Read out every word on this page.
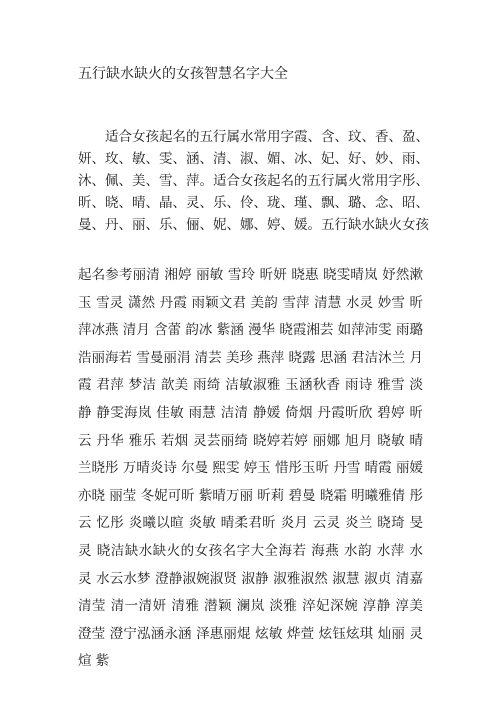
五行缺水缺火的女孩智慧名字大全
适合女孩起名的五行属水常用字霞、含、玟、香、盈、妍、玫、敏、雯、涵、清、淑、媚、冰、妃、好、妙、雨、沐、佩、美、雪、萍。适合女孩起名的五行属火常用字彤、昕、晓、晴、晶、灵、乐、伶、珑、瑾、飘、璐、念、昭、曼、丹、丽、乐、俪、妮、娜、婷、媛。五行缺水缺火女孩
起名参考丽清 湘婷 丽敏 雪玲 昕妍 晓惠 晓雯晴岚 妤然漱玉 雪灵 潇然 丹霞 雨颖文君 美韵 雪萍 清慧 水灵 妙雪 昕萍冰燕 清月 含蕾 韵冰 紫涵 漫华 晓霞湘芸 如萍沛雯 雨璐 浩丽海若 雪曼丽涓 清芸 美珍 燕萍 晓露 思涵 君洁沐兰 月霞 君萍 梦洁 歆美 雨绮 洁敏淑雅 玉涵秋香 雨诗 雅雪 淡静 静雯海岚 佳敏 雨慧 洁清 静媛 倚烟 丹霞昕欣 碧婷 昕云 丹华 雅乐 若烟 灵芸丽绮 晓婷若婷 丽娜 旭月 晓敏 晴兰晓彤 万晴炎诗 尔曼 熙雯 婷玉 惜彤玉昕 丹雪 晴霞 丽媛 亦晓 丽莹 冬妮可昕 紫晴万丽 昕莉 碧曼 晓霜 明曦雅倩 彤云 忆彤 炎曦以暄 炎敏 晴柔君昕 炎月 云灵 炎兰 晓琦 旻灵 晓洁缺水缺火的女孩名字大全海若 海燕 水韵 水萍 水灵 水云水梦 澄静淑婉淑贤 淑静 淑雅淑然 淑慧 淑贞 清嘉 清莹 清一清妍 清雅 潜颖 澜岚 淡雅 淬妃深婉 淳静 淳美 澄莹 澄宁泓涵永涵 泽惠丽焜 炫敏 烨萱 炫钰炫琪 灿丽 灵煊 紫
